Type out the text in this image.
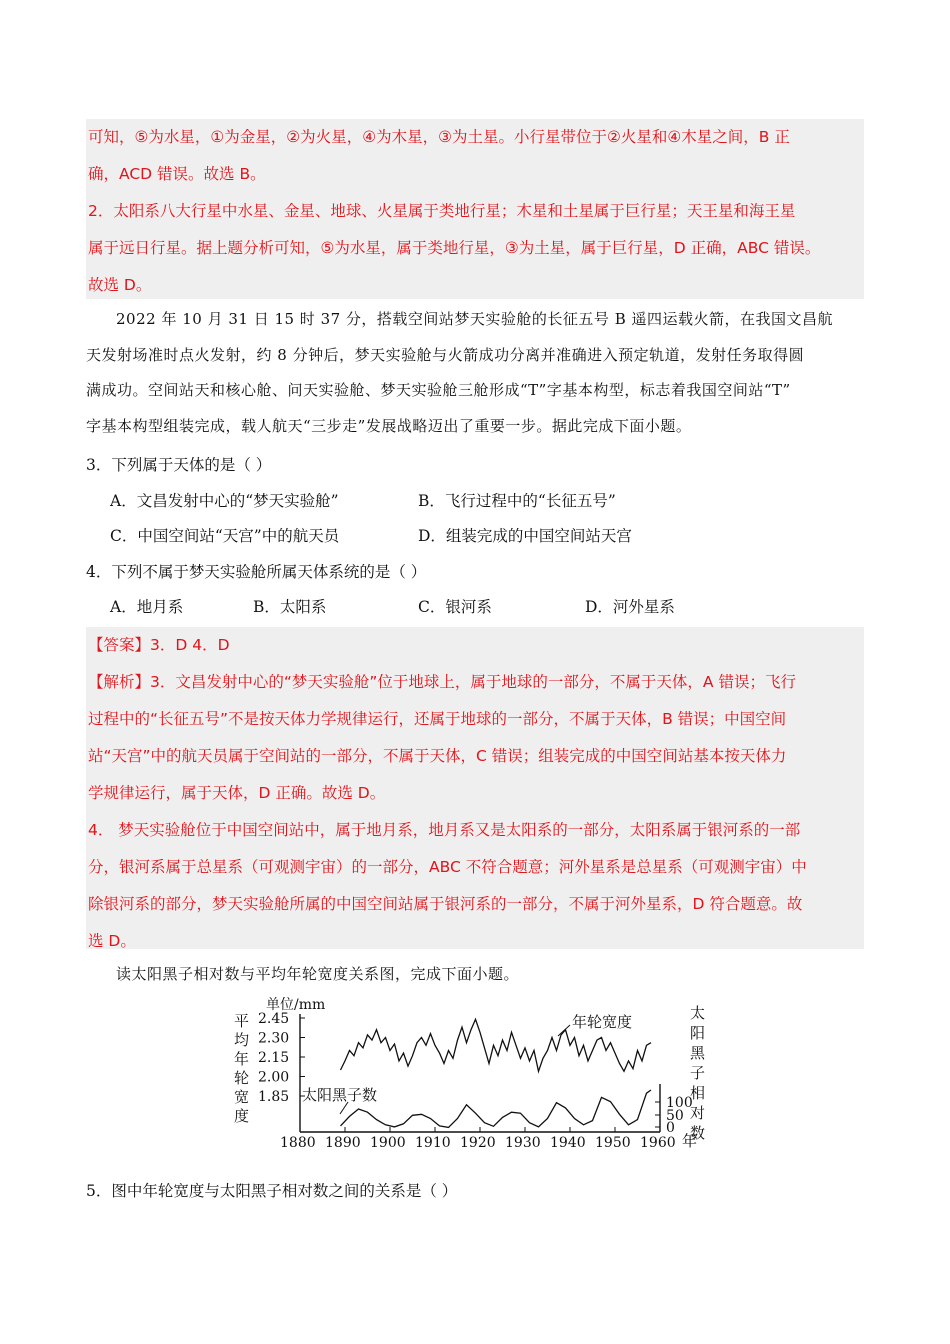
可知，⑤为水星，①为金星，②为火星，④为木星，③为土星。小行星带位于②火星和④木星之间，B 正

确，ACD 错误。故选 B。

2．太阳系八大行星中水星、金星、地球、火星属于类地行星；木星和土星属于巨行星；天王星和海王星

属于远日行星。据上题分析可知，⑤为水星，属于类地行星，③为土星，属于巨行星，D 正确，ABC 错误。

故选 D。

2022 年 10 月 31 日 15 时 37 分，搭载空间站梦天实验舱的长征五号 B 遥四运载火箭，在我国文昌航

天发射场准时点火发射，约 8 分钟后，梦天实验舱与火箭成功分离并准确进入预定轨道，发射任务取得圆

满成功。空间站天和核心舱、问天实验舱、梦天实验舱三舱形成“T”字基本构型，标志着我国空间站“T”

字基本构型组装完成，载人航天“三步走”发展战略迈出了重要一步。据此完成下面小题。

3．下列属于天体的是（ ）
A．文昌发射中心的“梦天实验舱”	B．飞行过程中的“长征五号”
C．中国空间站“天宫”中的航天员	D．组装完成的中国空间站天宫
4．下列不属于梦天实验舱所属天体系统的是（ ）
A．地月系	B．太阳系	C．银河系	D．河外星系

【答案】3．D 4．D

【解析】3．文昌发射中心的“梦天实验舱”位于地球上，属于地球的一部分，不属于天体，A 错误；飞行

过程中的“长征五号”不是按天体力学规律运行，还属于地球的一部分，不属于天体，B 错误；中国空间

站“天宫”中的航天员属于空间站的一部分，不属于天体，C 错误；组装完成的中国空间站基本按天体力

学规律运行，属于天体，D 正确。故选 D。

4． 梦天实验舱位于中国空间站中，属于地月系，地月系又是太阳系的一部分，太阳系属于银河系的一部

分，银河系属于总星系（可观测宇宙）的一部分，ABC 不符合题意；河外星系是总星系（可观测宇宙）中

除银河系的部分，梦天实验舱所属的中国空间站属于银河系的一部分，不属于河外星系，D 符合题意。故

选 D。

读太阳黑子相对数与平均年轮宽度关系图，完成下面小题。

单位/mm
平
均
年
轮
宽
度
太
阳
黑
子
相
对
数
2.45
2.30
2.15
2.00
1.85	100
50
0
1880 1890 1900 1910 1920 1930 1940 1950 1960
年轮宽度
太阳黑子数
年
5．图中年轮宽度与太阳黑子相对数之间的关系是（ ）
